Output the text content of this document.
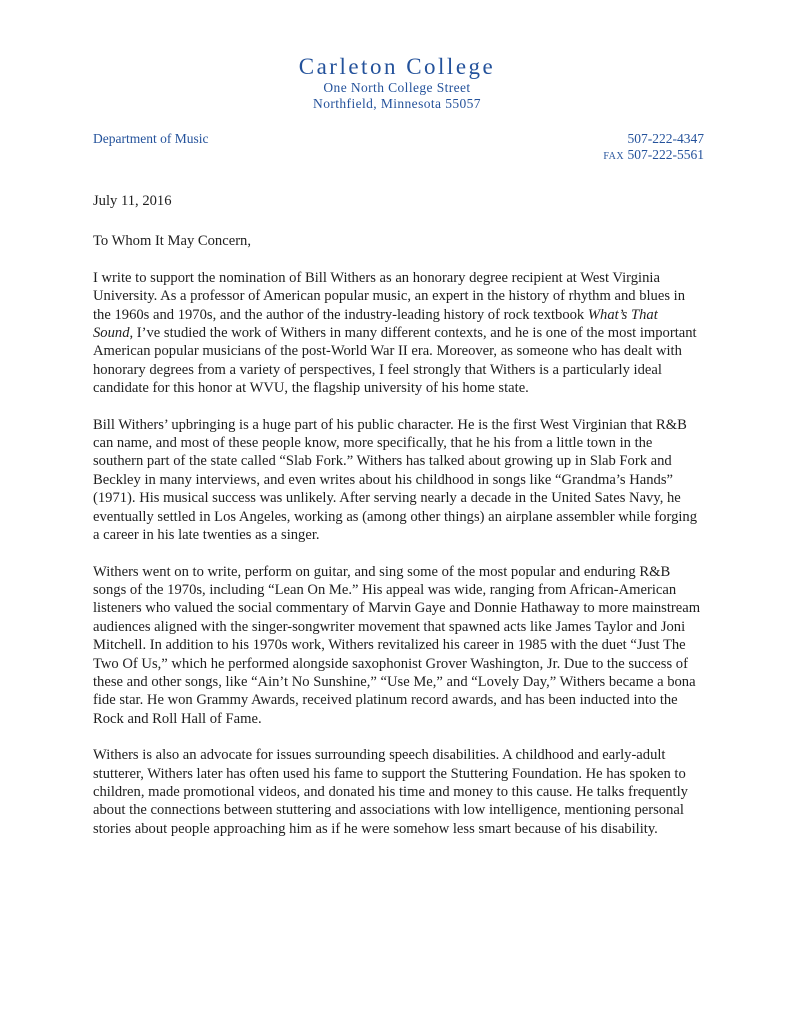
Carleton College
One North College Street
Northfield, Minnesota 55057
Department of Music	507-222-4347
FAX 507-222-5561

July 11, 2016

To Whom It May Concern,

I write to support the nomination of Bill Withers as an honorary degree recipient at West Virginia University. As a professor of American popular music, an expert in the history of rhythm and blues in the 1960s and 1970s, and the author of the industry-leading history of rock textbook What’s That Sound, I’ve studied the work of Withers in many different contexts, and he is one of the most important American popular musicians of the post-World War II era. Moreover, as someone who has dealt with honorary degrees from a variety of perspectives, I feel strongly that Withers is a particularly ideal candidate for this honor at WVU, the flagship university of his home state.

Bill Withers’ upbringing is a huge part of his public character. He is the first West Virginian that R&B can name, and most of these people know, more specifically, that he his from a little town in the southern part of the state called “Slab Fork.” Withers has talked about growing up in Slab Fork and Beckley in many interviews, and even writes about his childhood in songs like “Grandma’s Hands” (1971). His musical success was unlikely. After serving nearly a decade in the United Sates Navy, he eventually settled in Los Angeles, working as (among other things) an airplane assembler while forging a career in his late twenties as a singer.

Withers went on to write, perform on guitar, and sing some of the most popular and enduring R&B songs of the 1970s, including “Lean On Me.” His appeal was wide, ranging from African-American listeners who valued the social commentary of Marvin Gaye and Donnie Hathaway to more mainstream audiences aligned with the singer-songwriter movement that spawned acts like James Taylor and Joni Mitchell. In addition to his 1970s work, Withers revitalized his career in 1985 with the duet “Just The Two Of Us,” which he performed alongside saxophonist Grover Washington, Jr. Due to the success of these and other songs, like “Ain’t No Sunshine,” “Use Me,” and “Lovely Day,” Withers became a bona fide star. He won Grammy Awards, received platinum record awards, and has been inducted into the Rock and Roll Hall of Fame.

Withers is also an advocate for issues surrounding speech disabilities. A childhood and early-adult stutterer, Withers later has often used his fame to support the Stuttering Foundation. He has spoken to children, made promotional videos, and donated his time and money to this cause. He talks frequently about the connections between stuttering and associations with low intelligence, mentioning personal stories about people approaching him as if he were somehow less smart because of his disability.
